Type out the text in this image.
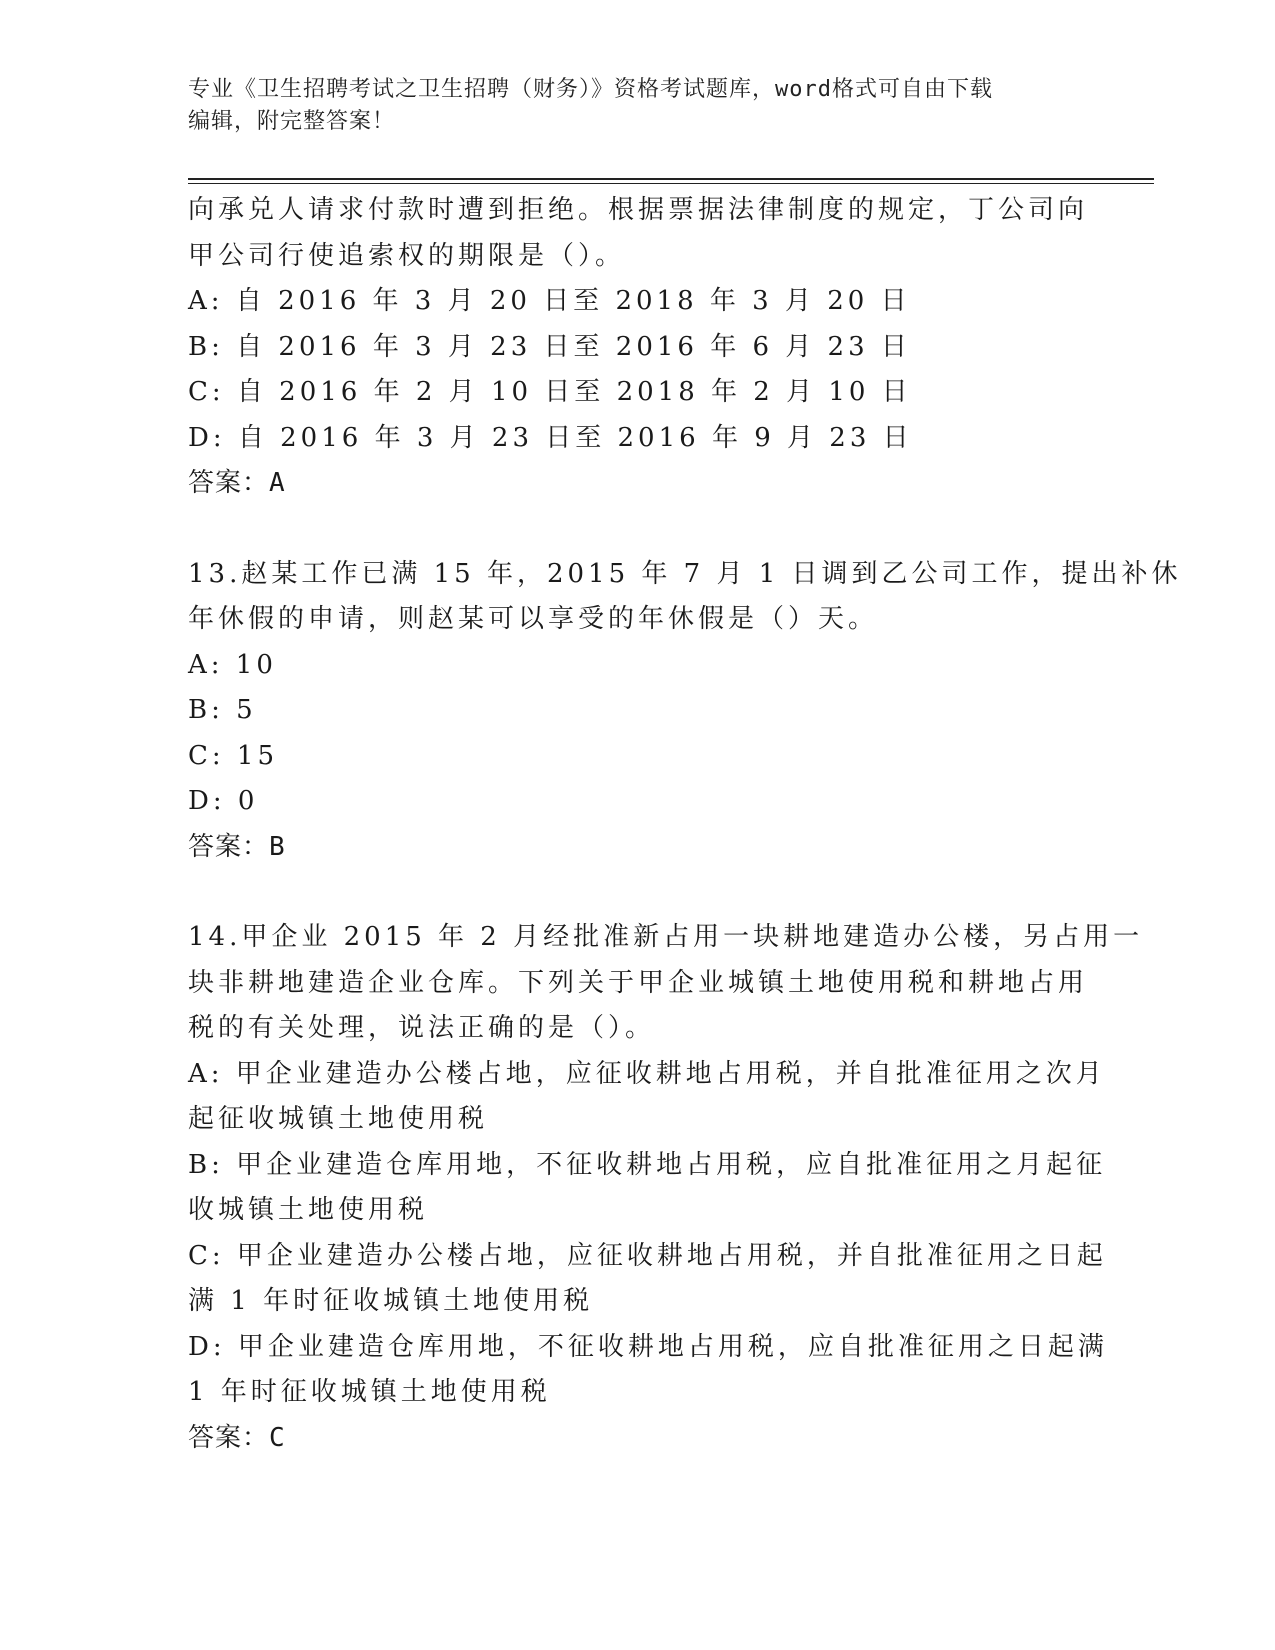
专业《卫生招聘考试之卫生招聘（财务）》资格考试题库，word格式可自由下载
编辑，附完整答案！
向承兑人请求付款时遭到拒绝。根据票据法律制度的规定，丁公司向
甲公司行使追索权的期限是（）。
A: 自 2016 年 3 月 20 日至 2018 年 3 月 20 日
B: 自 2016 年 3 月 23 日至 2016 年 6 月 23 日
C: 自 2016 年 2 月 10 日至 2018 年 2 月 10 日
D: 自 2016 年 3 月 23 日至 2016 年 9 月 23 日
答案：A
13.赵某工作已满 15 年，2015 年 7 月 1 日调到乙公司工作，提出补休
年休假的申请，则赵某可以享受的年休假是（）天。
A: 10
B: 5
C: 15
D: 0
答案：B
14.甲企业 2015 年 2 月经批准新占用一块耕地建造办公楼，另占用一
块非耕地建造企业仓库。下列关于甲企业城镇土地使用税和耕地占用
税的有关处理，说法正确的是（）。
A: 甲企业建造办公楼占地，应征收耕地占用税，并自批准征用之次月
起征收城镇土地使用税
B: 甲企业建造仓库用地，不征收耕地占用税，应自批准征用之月起征
收城镇土地使用税
C: 甲企业建造办公楼占地，应征收耕地占用税，并自批准征用之日起
满 1 年时征收城镇土地使用税
D: 甲企业建造仓库用地，不征收耕地占用税，应自批准征用之日起满
1 年时征收城镇土地使用税
答案：C
